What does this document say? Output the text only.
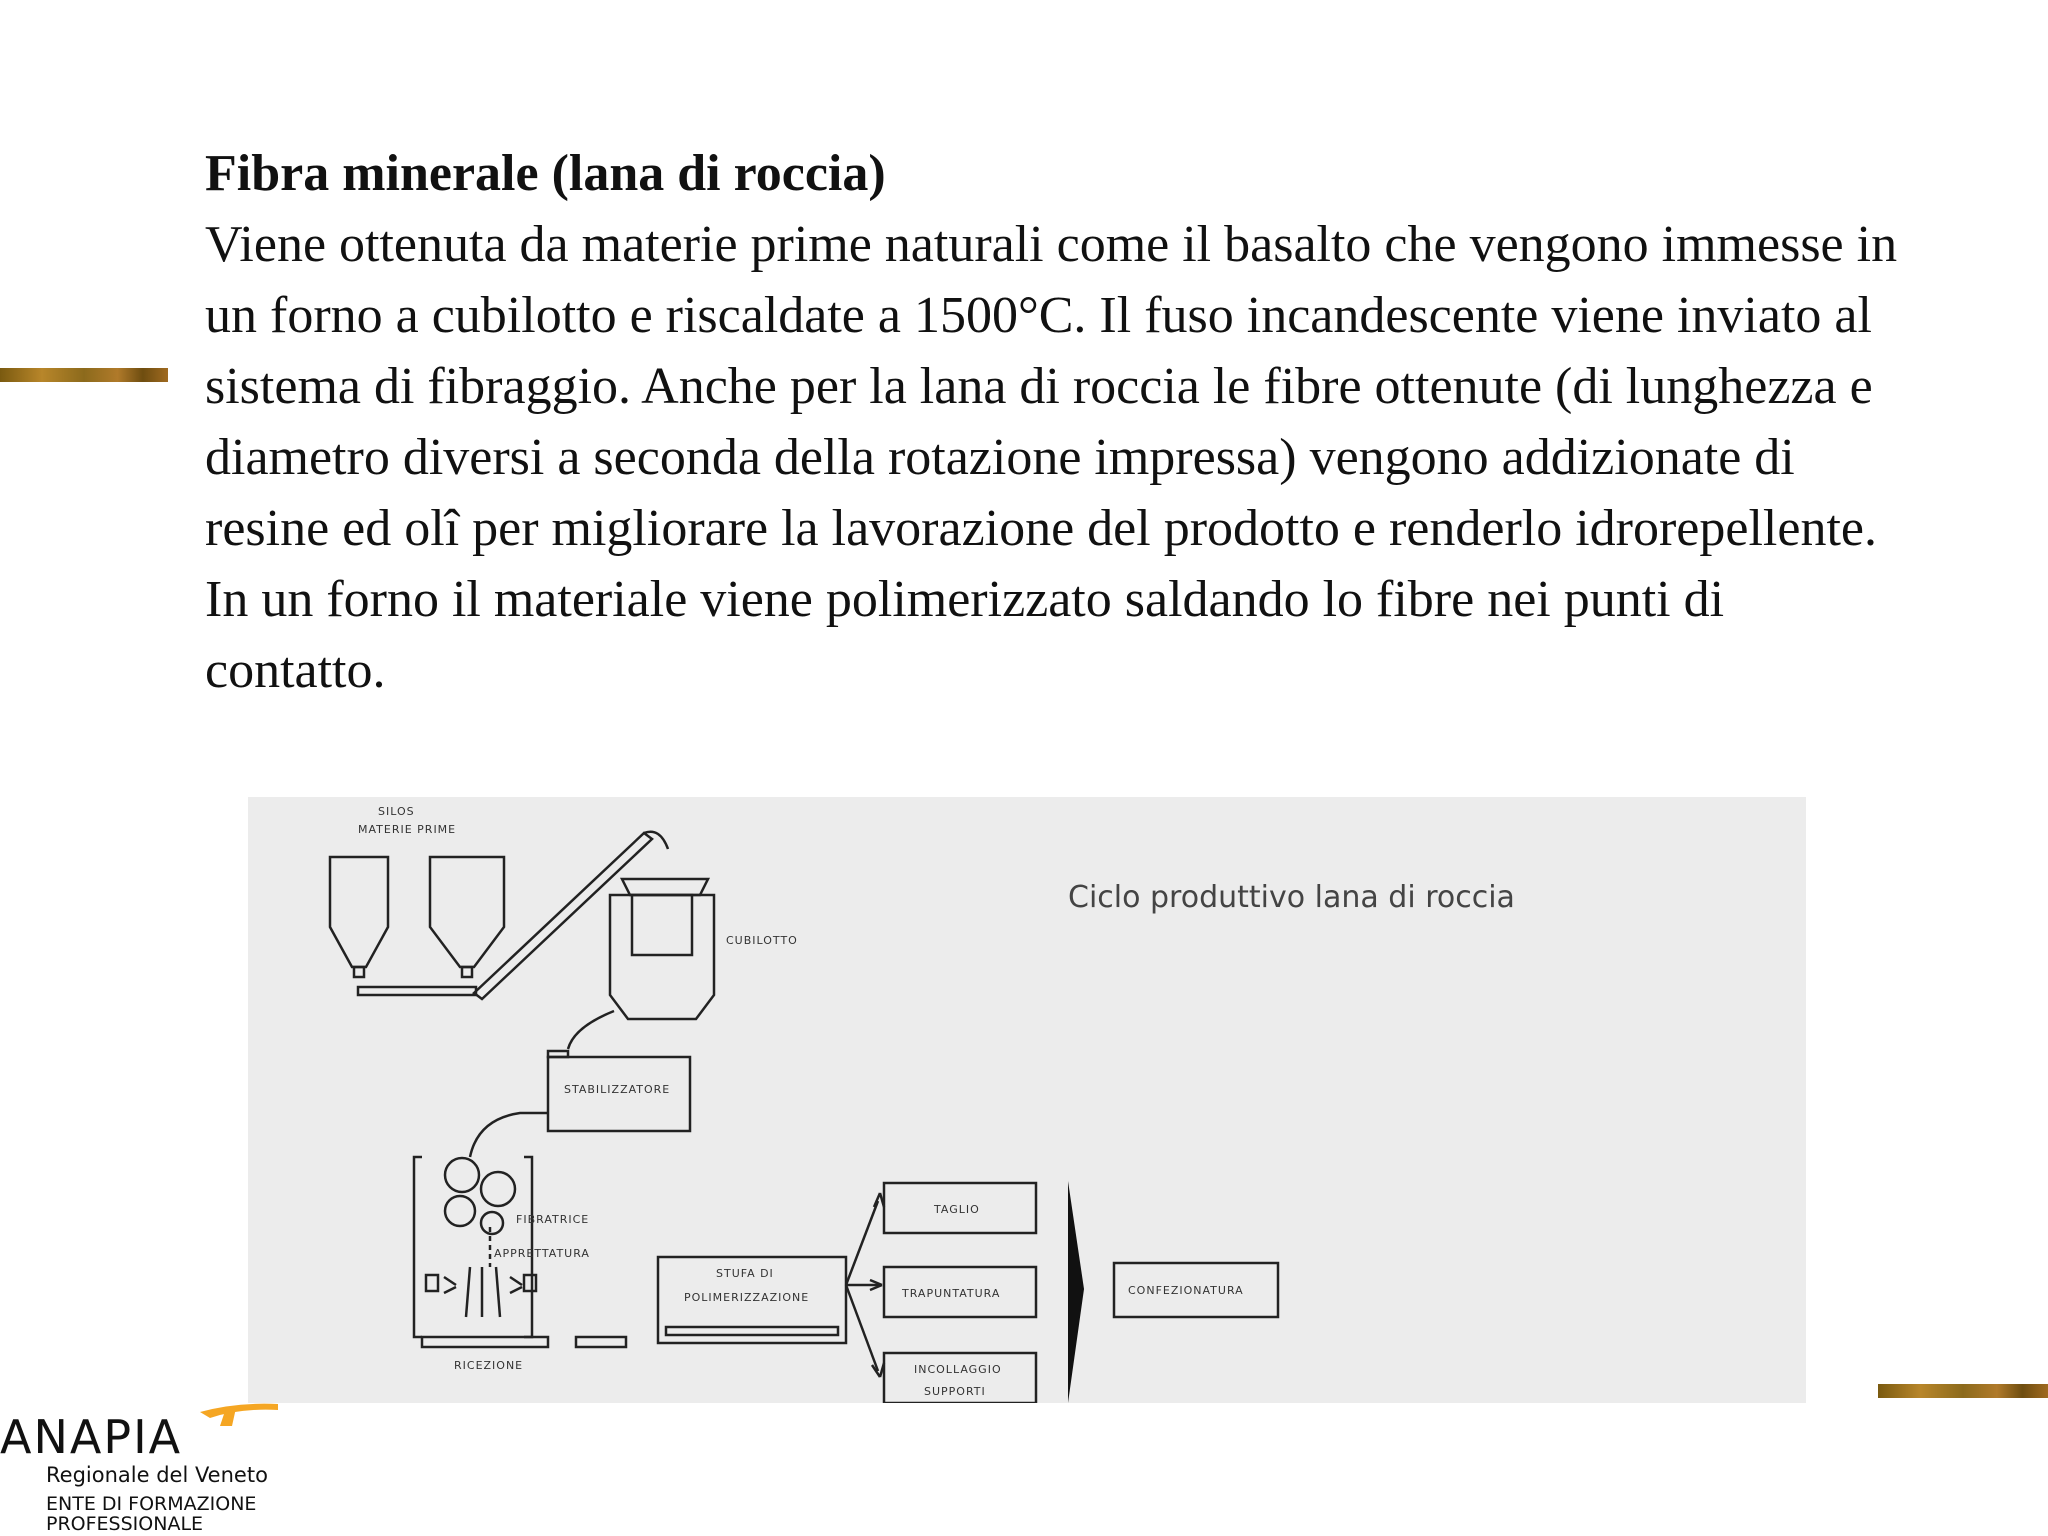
Fibra minerale (lana di roccia)

Viene ottenuta da materie prime naturali come il basalto che vengono immesse in un forno a cubilotto e riscaldate a 1500°C. Il fuso incandescente viene inviato al sistema di fibraggio. Anche per la lana di roccia le fibre ottenute (di lunghezza e diametro diversi a seconda della rotazione impressa) vengono addizionate di resine ed olî per migliorare la lavorazione del prodotto e renderlo idrorepellente.

In un forno il materiale viene polimerizzato saldando lo fibre nei punti di contatto.

SILOS
MATERIE PRIME
CUBILOTTO
STABILIZZATORE
FIBRATRICE
APPRETTATURA
RICEZIONE
STUFA DI
POLIMERIZZAZIONE
TAGLIO
TRAPUNTATURA
INCOLLAGGIO
SUPPORTI
CONFEZIONATURA
Ciclo produttivo lana di roccia
ANAPIA
Regionale del Veneto
ENTE DI FORMAZIONE PROFESSIONALE
